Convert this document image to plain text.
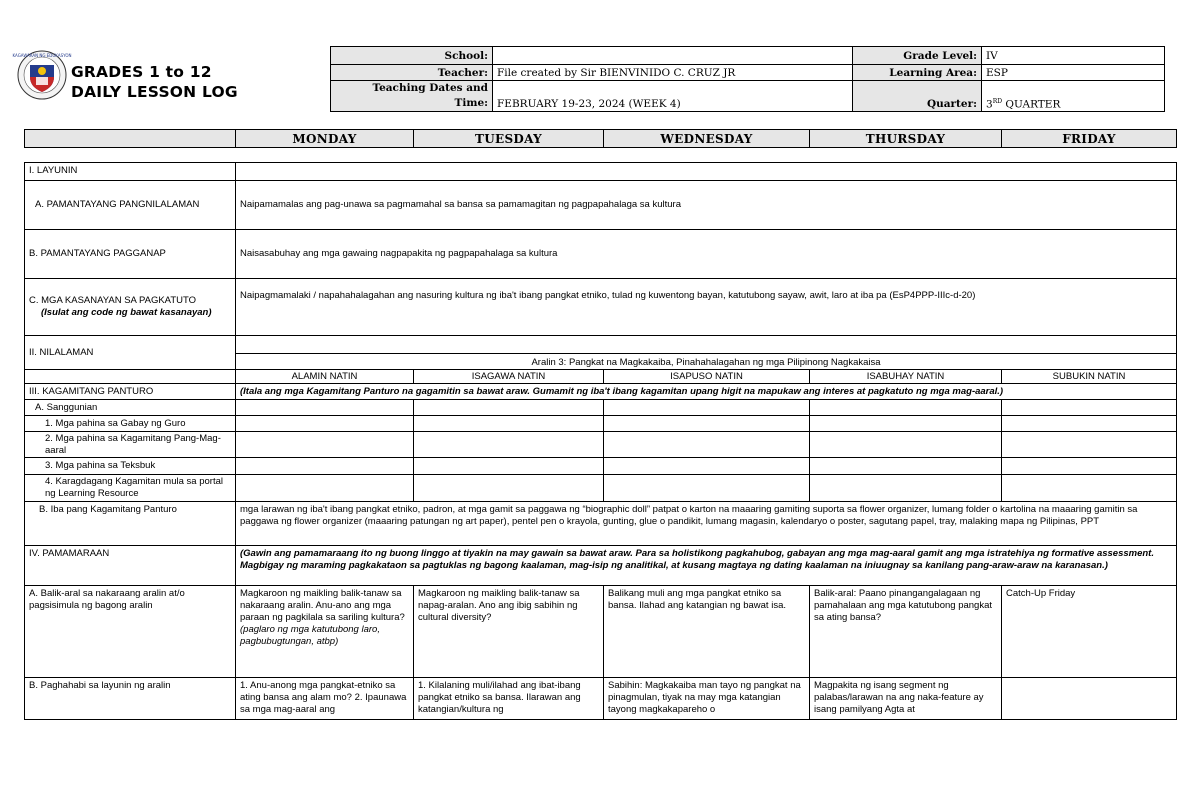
KAGAWARAN NG EDUKASYON
GRADES 1 to 12
DAILY LESSON LOG
School:		Grade Level:	IV
Teacher:	File created by Sir BIENVINIDO C. CRUZ JR	Learning Area:	ESP

Teaching Dates and
Time:	FEBRUARY 19-23, 2024 (WEEK 4)	Quarter:	3RD QUARTER
	MONDAY	TUESDAY	WEDNESDAY	THURSDAY	FRIDAY
I. LAYUNIN					
A. PAMANTAYANG PANGNILALAMAN	Naipamamalas ang pag-unawa sa pagmamahal sa bansa sa pamamagitan ng pagpapahalaga sa kultura				
B. PAMANTAYANG PAGGANAP	Naisasabuhay ang mga gawaing nagpapakita ng pagpapahalaga sa kultura				

C. MGA KASANAYAN SA PAGKATUTO
(Isulat ang code ng bawat kasanayan)	Naipagmamalaki / napahahalagahan ang nasuring kultura ng iba't ibang pangkat etniko, tulad ng kuwentong bayan, katutubong sayaw, awit, laro at iba pa (EsP4PPP-IIIc-d-20)				
II. NILALAMAN					
	Aralin 3: Pangkat na Magkakaiba, Pinahahalagahan ng mga Pilipinong Nagkakaisa				
	ALAMIN NATIN	ISAGAWA NATIN	ISAPUSO NATIN	ISABUHAY NATIN	SUBUKIN NATIN
III. KAGAMITANG PANTURO	(Itala ang mga Kagamitang Panturo na gagamitin sa bawat araw. Gumamit ng iba't ibang kagamitan upang higit na mapukaw ang interes at pagkatuto ng mga mag-aaral.)				
A. Sanggunian					
1. Mga pahina sa Gabay ng Guro					
2. Mga pahina sa Kagamitang Pang-Mag-aaral					
3. Mga pahina sa Teksbuk					
4. Karagdagang Kagamitan mula sa portal ng Learning Resource					
B. Iba pang Kagamitang Panturo	mga larawan ng iba't ibang pangkat etniko, padron, at mga gamit sa paggawa ng “biographic doll” patpat o karton na maaaring gamiting suporta sa flower organizer, lumang folder o kartolina na maaaring gamitin sa paggawa ng flower organizer (maaaring patungan ng art paper), pentel pen o krayola, gunting, glue o pandikit, lumang magasin, kalendaryo o poster, sagutang papel, tray, malaking mapa ng Pilipinas, PPT				
IV. PAMAMARAAN	(Gawin ang pamamaraang ito ng buong linggo at tiyakin na may gawain sa bawat araw. Para sa holistikong pagkahubog, gabayan ang mga mag-aaral gamit ang mga istratehiya ng formative assessment. Magbigay ng maraming pagkakataon sa pagtuklas ng bagong kaalaman, mag-isip ng analitikal, at kusang magtaya ng dating kaalaman na iniuugnay sa kanilang pang-araw-araw na karanasan.)				
A. Balik-aral sa nakaraang aralin at/o pagsisimula ng bagong aralin	Magkaroon ng maikling balik-tanaw sa nakaraang aralin. Anu-ano ang mga paraan ng pagkilala sa sariling kultura? (paglaro ng mga katutubong laro, pagbubugtungan, atbp)	Magkaroon ng maikling balik-tanaw sa napag-aralan. Ano ang ibig sabihin ng cultural diversity?	Balikang muli ang mga pangkat etniko sa bansa. Ilahad ang katangian ng bawat isa.	Balik-aral: Paano pinangangalagaan ng pamahalaan ang mga katutubong pangkat sa ating bansa?	Catch-Up Friday
B. Paghahabi sa layunin ng aralin	1. Anu-anong mga pangkat-etniko sa ating bansa ang alam mo? 2. Ipaunawa sa mga mag-aaral ang	1. Kilalaning muli/ilahad ang ibat-ibang pangkat etniko sa bansa. Ilarawan ang katangian/kultura ng	Sabihin: Magkakaiba man tayo ng pangkat na pinagmulan, tiyak na may mga katangian tayong magkakapareho o	Magpakita ng isang segment ng palabas/larawan na ang naka-feature ay isang pamilyang Agta at	
